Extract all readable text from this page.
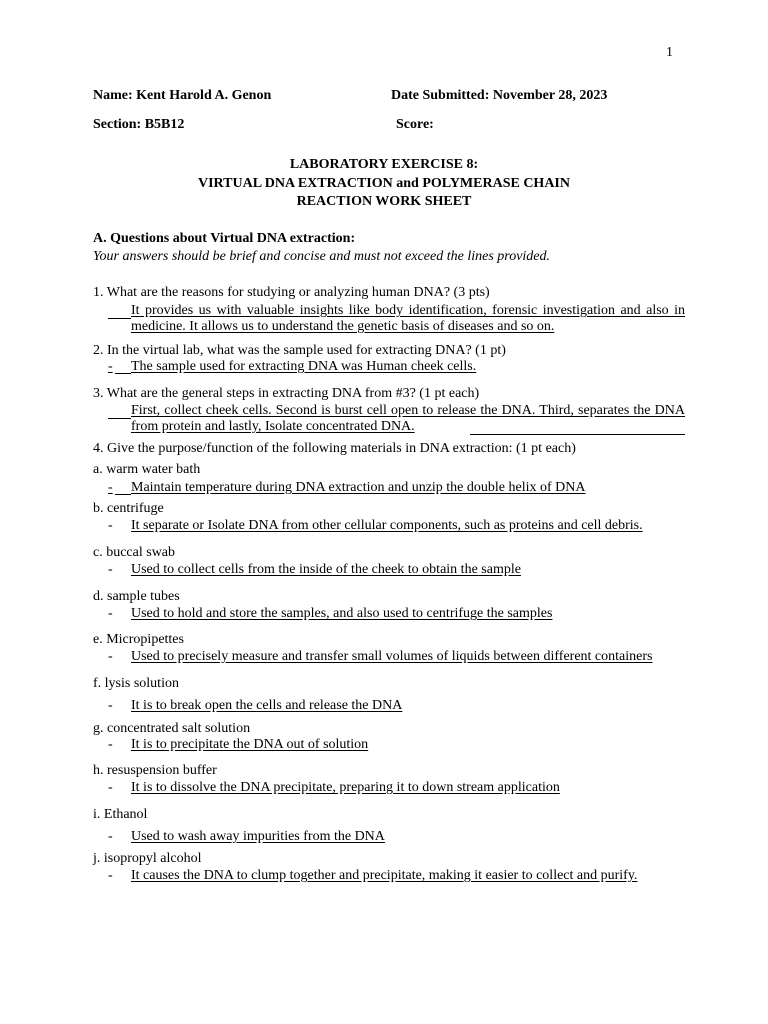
1
Name: Kent Harold A. Genon	Date Submitted: November 28, 2023
Section: B5B12	Score:
LABORATORY EXERCISE 8:
VIRTUAL DNA EXTRACTION and POLYMERASE CHAIN
REACTION WORK SHEET
A. Questions about Virtual DNA extraction:
Your answers should be brief and concise and must not exceed the lines provided.
1. What are the reasons for studying or analyzing human DNA? (3 pts)
It provides us with valuable insights like body identification, forensic investigation and also in medicine. It allows us to understand the genetic basis of diseases and so on.
2. In the virtual lab, what was the sample used for extracting DNA? (1 pt)
- The sample used for extracting DNA was Human cheek cells.
3. What are the general steps in extracting DNA from #3? (1 pt each)
First, collect cheek cells. Second is burst cell open to release the DNA. Third, separates the DNA from protein and lastly, Isolate concentrated DNA.
4. Give the purpose/function of the following materials in DNA extraction: (1 pt each)
a. warm water bath
- Maintain temperature during DNA extraction and unzip the double helix of DNA
b. centrifuge
- It separate or Isolate DNA from other cellular components, such as proteins and cell debris.
c. buccal swab
- Used to collect cells from the inside of the cheek to obtain the sample
d. sample tubes
- Used to hold and store the samples, and also used to centrifuge the samples
e. Micropipettes
- Used to precisely measure and transfer small volumes of liquids between different containers
f. lysis solution
- It is to break open the cells and release the DNA
g. concentrated salt solution
- It is to precipitate the DNA out of solution
h. resuspension buffer
- It is to dissolve the DNA precipitate, preparing it to down stream application
i. Ethanol
- Used to wash away impurities from the DNA
j. isopropyl alcohol
- It causes the DNA to clump together and precipitate, making it easier to collect and purify.
